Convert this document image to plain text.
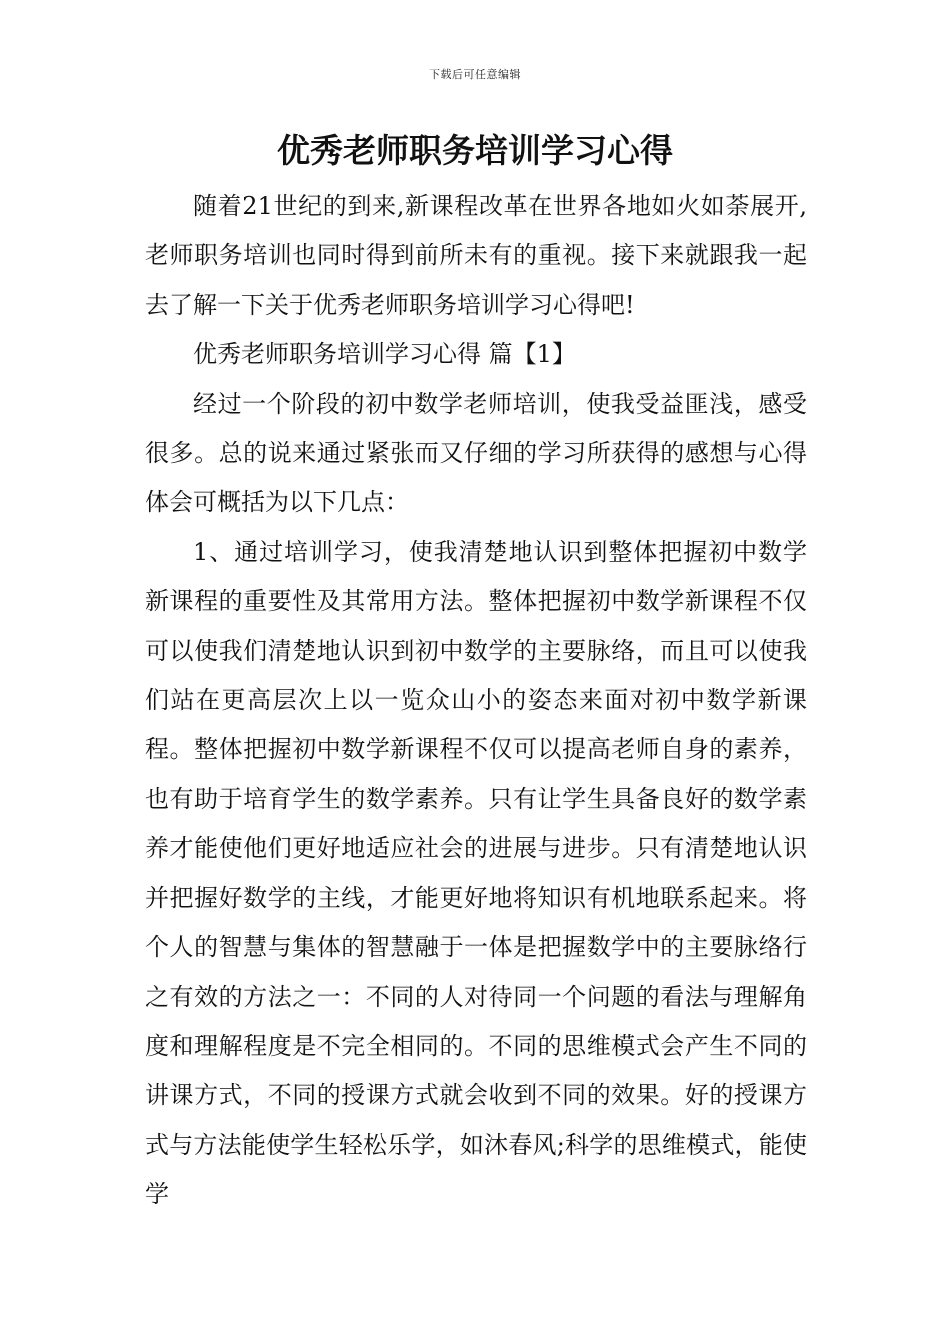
下载后可任意编辑
优秀老师职务培训学习心得

随着21世纪的到来,新课程改革在世界各地如火如荼展开,老师职务培训也同时得到前所未有的重视。接下来就跟我一起去了解一下关于优秀老师职务培训学习心得吧!

优秀老师职务培训学习心得 篇【1】

经过一个阶段的初中数学老师培训，使我受益匪浅，感受很多。总的说来通过紧张而又仔细的学习所获得的感想与心得体会可概括为以下几点：

1、通过培训学习，使我清楚地认识到整体把握初中数学新课程的重要性及其常用方法。整体把握初中数学新课程不仅可以使我们清楚地认识到初中数学的主要脉络，而且可以使我们站在更高层次上以一览众山小的姿态来面对初中数学新课程。整体把握初中数学新课程不仅可以提高老师自身的素养，也有助于培育学生的数学素养。只有让学生具备良好的数学素养才能使他们更好地适应社会的进展与进步。只有清楚地认识并把握好数学的主线，才能更好地将知识有机地联系起来。将个人的智慧与集体的智慧融于一体是把握数学中的主要脉络行之有效的方法之一：不同的人对待同一个问题的看法与理解角度和理解程度是不完全相同的。不同的思维模式会产生不同的讲课方式，不同的授课方式就会收到不同的效果。好的授课方式与方法能使学生轻松乐学，如沐春风;科学的思维模式，能使学
